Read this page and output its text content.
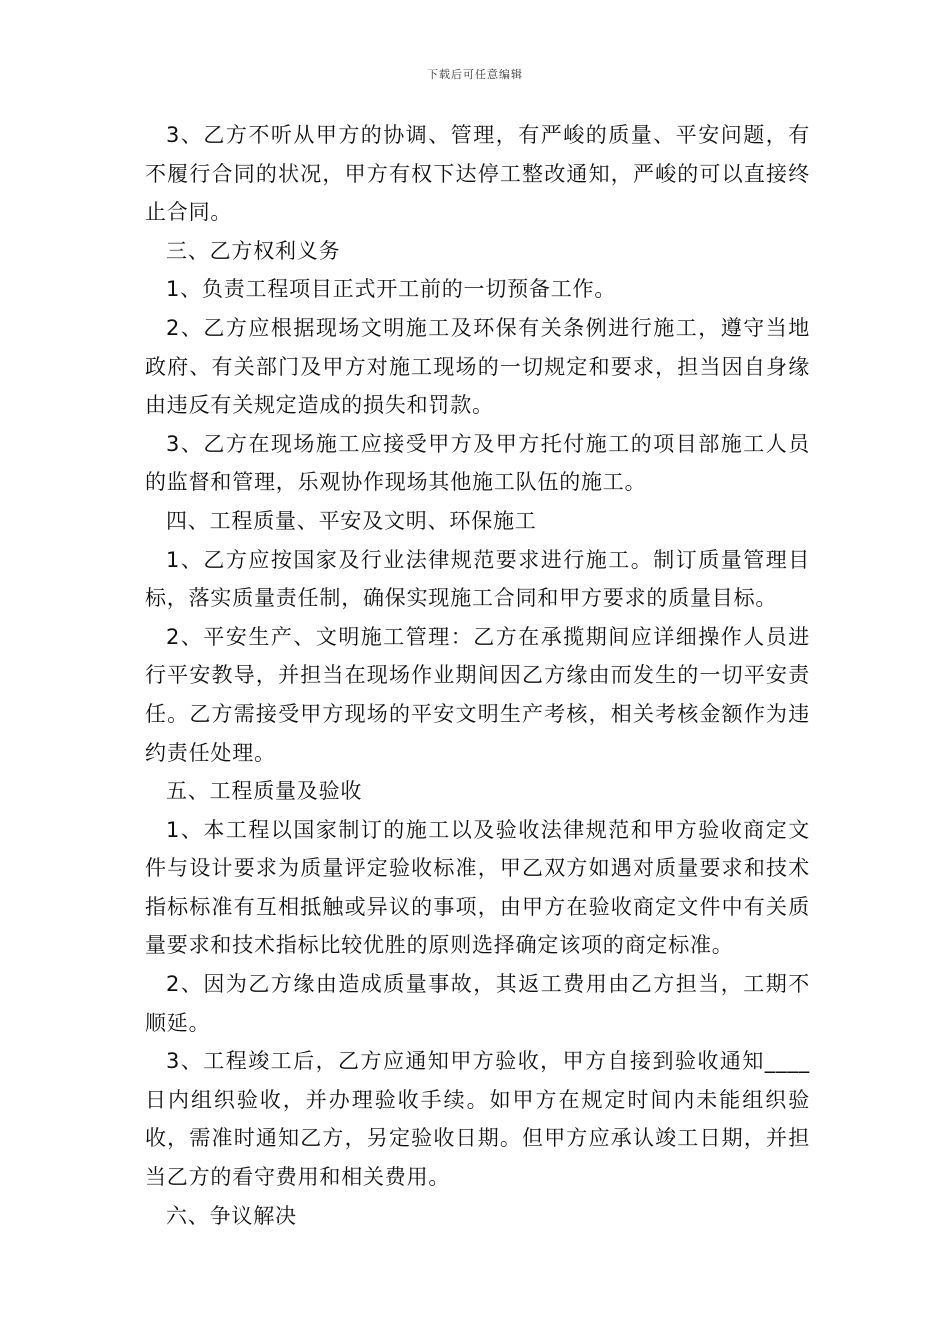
下载后可任意编辑

3、乙方不听从甲方的协调、管理，有严峻的质量、平安问题，有不履行合同的状况，甲方有权下达停工整改通知，严峻的可以直接终止合同。

三、乙方权利义务

1、负责工程项目正式开工前的一切预备工作。

2、乙方应根据现场文明施工及环保有关条例进行施工，遵守当地政府、有关部门及甲方对施工现场的一切规定和要求，担当因自身缘由违反有关规定造成的损失和罚款。

3、乙方在现场施工应接受甲方及甲方托付施工的项目部施工人员的监督和管理，乐观协作现场其他施工队伍的施工。

四、工程质量、平安及文明、环保施工

1、乙方应按国家及行业法律规范要求进行施工。制订质量管理目标，落实质量责任制，确保实现施工合同和甲方要求的质量目标。

2、平安生产、文明施工管理：乙方在承揽期间应详细操作人员进行平安教导，并担当在现场作业期间因乙方缘由而发生的一切平安责任。乙方需接受甲方现场的平安文明生产考核，相关考核金额作为违约责任处理。

五、工程质量及验收

1、本工程以国家制订的施工以及验收法律规范和甲方验收商定文件与设计要求为质量评定验收标准，甲乙双方如遇对质量要求和技术指标标准有互相抵触或异议的事项，由甲方在验收商定文件中有关质量要求和技术指标比较优胜的原则选择确定该项的商定标准。

2、因为乙方缘由造成质量事故，其返工费用由乙方担当，工期不顺延。

3、工程竣工后，乙方应通知甲方验收，甲方自接到验收通知____日内组织验收，并办理验收手续。如甲方在规定时间内未能组织验收，需准时通知乙方，另定验收日期。但甲方应承认竣工日期，并担当乙方的看守费用和相关费用。

六、争议解决
